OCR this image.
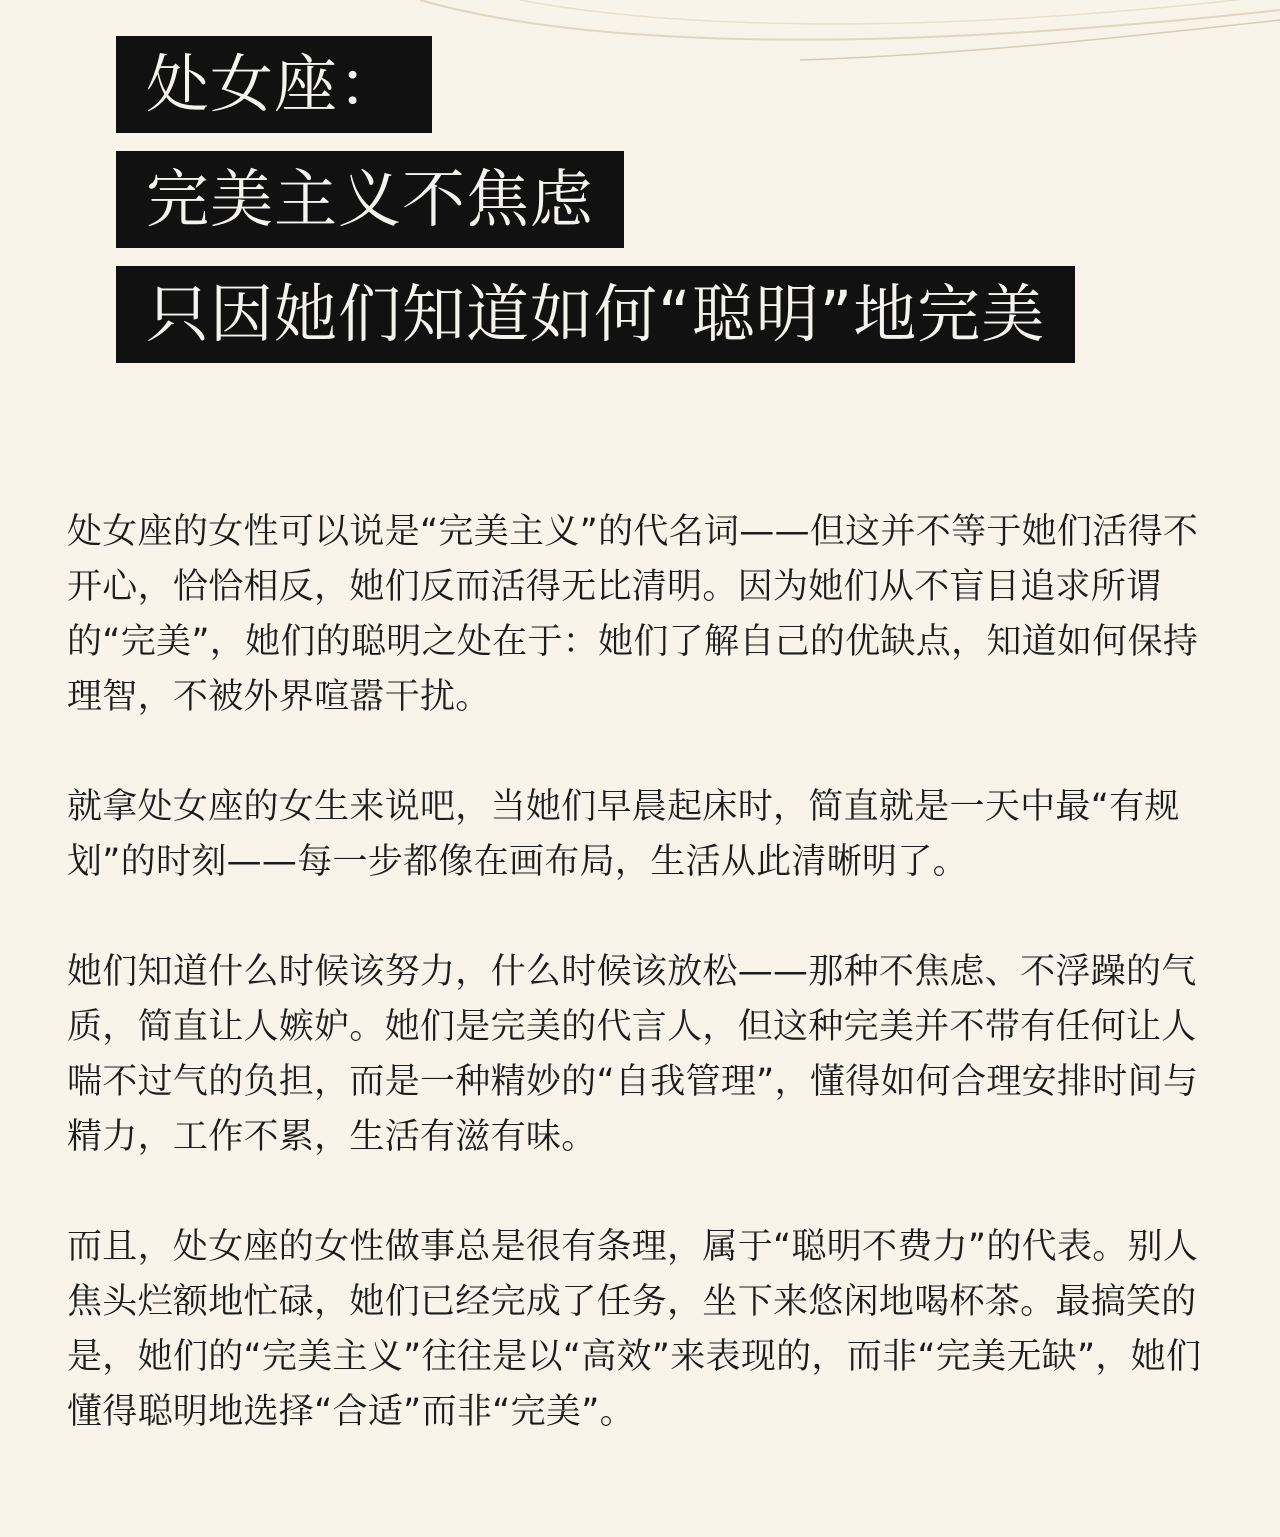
处女座：
完美主义不焦虑
只因她们知道如何“聪明”地完美

处女座的女性可以说是“完美主义”的代名词——但这并不等于她们活得不开心，恰恰相反，她们反而活得无比清明。因为她们从不盲目追求所谓的“完美”，她们的聪明之处在于：她们了解自己的优缺点，知道如何保持理智，不被外界喧嚣干扰。

就拿处女座的女生来说吧，当她们早晨起床时，简直就是一天中最“有规划”的时刻——每一步都像在画布局，生活从此清晰明了。

她们知道什么时候该努力，什么时候该放松——那种不焦虑、不浮躁的气质，简直让人嫉妒。她们是完美的代言人，但这种完美并不带有任何让人喘不过气的负担，而是一种精妙的“自我管理”，懂得如何合理安排时间与精力，工作不累，生活有滋有味。

而且，处女座的女性做事总是很有条理，属于“聪明不费力”的代表。别人焦头烂额地忙碌，她们已经完成了任务，坐下来悠闲地喝杯茶。最搞笑的是，她们的“完美主义”往往是以“高效”来表现的，而非“完美无缺”，她们懂得聪明地选择“合适”而非“完美”。
